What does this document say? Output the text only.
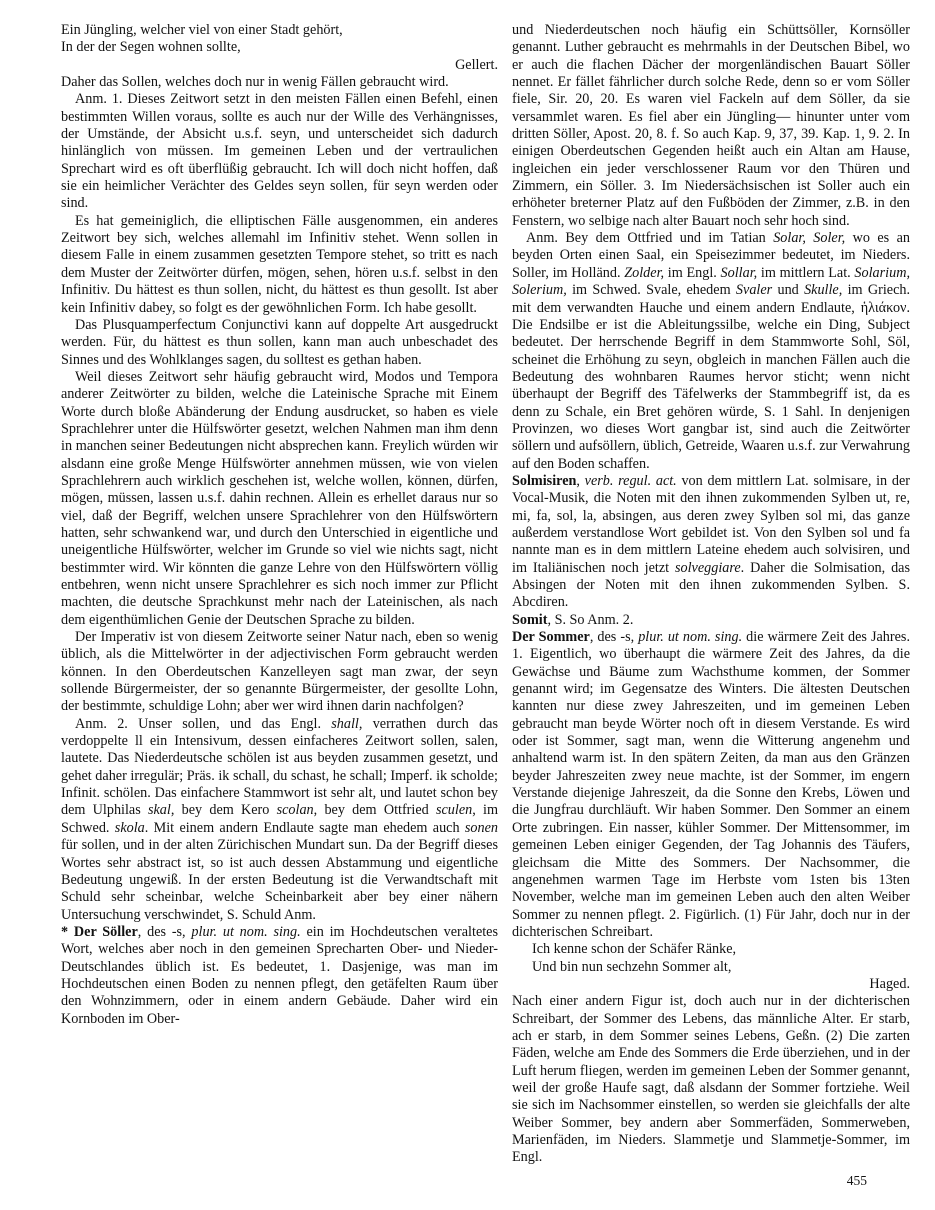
Ein Jüngling, welcher viel von einer Stadt gehört,

In der der Segen wohnen sollte,

Gellert.

Daher das Sollen, welches doch nur in wenig Fällen gebraucht wird.

Anm. 1. Dieses Zeitwort setzt in den meisten Fällen einen Befehl, einen bestimmten Willen voraus, sollte es auch nur der Wille des Verhängnisses, der Umstände, der Absicht u.s.f. seyn, und unterscheidet sich dadurch hinlänglich von müssen. Im gemeinen Leben und der vertraulichen Sprechart wird es oft überflüßig gebraucht. Ich will doch nicht hoffen, daß sie ein heimlicher Verächter des Geldes seyn sollen, für seyn werden oder sind.

Es hat gemeiniglich, die elliptischen Fälle ausgenommen, ein anderes Zeitwort bey sich, welches allemahl im Infinitiv stehet. Wenn sollen in diesem Falle in einem zusammen gesetzten Tempore stehet, so tritt es nach dem Muster der Zeitwörter dürfen, mögen, sehen, hören u.s.f. selbst in den Infinitiv. Du hättest es thun sollen, nicht, du hättest es thun gesollt. Ist aber kein Infinitiv dabey, so folgt es der gewöhnlichen Form. Ich habe gesollt.

Das Plusquamperfectum Conjunctivi kann auf doppelte Art ausgedruckt werden. Für, du hättest es thun sollen, kann man auch unbeschadet des Sinnes und des Wohlklanges sagen, du solltest es gethan haben.

Weil dieses Zeitwort sehr häufig gebraucht wird, Modos und Tempora anderer Zeitwörter zu bilden, welche die Lateinische Sprache mit Einem Worte durch bloße Abänderung der Endung ausdrucket, so haben es viele Sprachlehrer unter die Hülfswörter gesetzt, welchen Nahmen man ihm denn in manchen seiner Bedeutungen nicht absprechen kann. Freylich würden wir alsdann eine große Menge Hülfswörter annehmen müssen, wie von vielen Sprachlehrern auch wirklich geschehen ist, welche wollen, können, dürfen, mögen, müssen, lassen u.s.f. dahin rechnen. Allein es erhellet daraus nur so viel, daß der Begriff, welchen unsere Sprachlehrer von den Hülfswörtern hatten, sehr schwankend war, und durch den Unterschied in eigentliche und uneigentliche Hülfswörter, welcher im Grunde so viel wie nichts sagt, nicht bestimmter wird. Wir könnten die ganze Lehre von den Hülfswörtern völlig entbehren, wenn nicht unsere Sprachlehrer es sich noch immer zur Pflicht machten, die deutsche Sprachkunst mehr nach der Lateinischen, als nach dem eigenthümlichen Genie der Deutschen Sprache zu bilden.

Der Imperativ ist von diesem Zeitworte seiner Natur nach, eben so wenig üblich, als die Mittelwörter in der adjectivischen Form gebraucht werden können. In den Oberdeutschen Kanzelleyen sagt man zwar, der seyn sollende Bürgermeister, der so genannte Bürgermeister, der gesollte Lohn, der bestimmte, schuldige Lohn; aber wer wird ihnen darin nachfolgen?

Anm. 2. Unser sollen, und das Engl. shall, verrathen durch das verdoppelte ll ein Intensivum, dessen einfacheres Zeitwort sollen, salen, lautete. Das Niederdeutsche schölen ist aus beyden zusammen gesetzt, und gehet daher irregulär; Präs. ik schall, du schast, he schall; Imperf. ik scholde; Infinit. schölen. Das einfachere Stammwort ist sehr alt, und lautet schon bey dem Ulphilas skal, bey dem Kero scolan, bey dem Ottfried sculen, im Schwed. skola. Mit einem andern Endlaute sagte man ehedem auch sonen für sollen, und in der alten Zürichischen Mundart sun. Da der Begriff dieses Wortes sehr abstract ist, so ist auch dessen Abstammung und eigentliche Bedeutung ungewiß. In der ersten Bedeutung ist die Verwandtschaft mit Schuld sehr scheinbar, welche Scheinbarkeit aber bey einer nähern Untersuchung verschwindet, S. Schuld Anm.

* Der Söller, des -s, plur. ut nom. sing. ein im Hochdeutschen veraltetes Wort, welches aber noch in den gemeinen Sprecharten Ober- und Nieder-Deutschlandes üblich ist. Es bedeutet, 1. Dasjenige, was man im Hochdeutschen einen Boden zu nennen pflegt, den getäfelten Raum über den Wohnzimmern, oder in einem andern Gebäude. Daher wird ein Kornboden im Ober-

und Niederdeutschen noch häufig ein Schüttsöller, Kornsöller genannt. Luther gebraucht es mehrmahls in der Deutschen Bibel, wo er auch die flachen Dächer der morgenländischen Bauart Söller nennet. Er fället fährlicher durch solche Rede, denn so er vom Söller fiele, Sir. 20, 20. Es waren viel Fackeln auf dem Söller, da sie versammlet waren. Es fiel aber ein Jüngling— hinunter unter vom dritten Söller, Apost. 20, 8. f. So auch Kap. 9, 37, 39. Kap. 1, 9. 2. In einigen Oberdeutschen Gegenden heißt auch ein Altan am Hause, ingleichen ein jeder verschlossener Raum vor den Thüren und Zimmern, ein Söller. 3. Im Niedersächsischen ist Soller auch ein erhöheter breterner Platz auf den Fußböden der Zimmer, z.B. in den Fenstern, wo selbige nach alter Bauart noch sehr hoch sind.

Anm. Bey dem Ottfried und im Tatian Solar, Soler, wo es an beyden Orten einen Saal, ein Speisezimmer bedeutet, im Nieders. Soller, im Holländ. Zolder, im Engl. Sollar, im mittlern Lat. Solarium, Solerium, im Schwed. Svale, ehedem Svaler und Skulle, im Griech. mit dem verwandten Hauche und einem andern Endlaute, ἡλιάκον. Die Endsilbe er ist die Ableitungssilbe, welche ein Ding, Subject bedeutet. Der herrschende Begriff in dem Stammworte Sohl, Söl, scheinet die Erhöhung zu seyn, obgleich in manchen Fällen auch die Bedeutung des wohnbaren Raumes hervor sticht; wenn nicht überhaupt der Begriff des Täfelwerks der Stammbegriff ist, da es denn zu Schale, ein Bret gehören würde, S. 1 Sahl. In denjenigen Provinzen, wo dieses Wort gangbar ist, sind auch die Zeitwörter söllern und aufsöllern, üblich, Getreide, Waaren u.s.f. zur Verwahrung auf den Boden schaffen.

Solmisiren, verb. regul. act. von dem mittlern Lat. solmisare, in der Vocal-Musik, die Noten mit den ihnen zukommenden Sylben ut, re, mi, fa, sol, la, absingen, aus deren zwey Sylben sol mi, das ganze außerdem verstandlose Wort gebildet ist. Von den Sylben sol und fa nannte man es in dem mittlern Lateine ehedem auch solvisiren, und im Italiänischen noch jetzt solveggiare. Daher die Solmisation, das Absingen der Noten mit den ihnen zukommenden Sylben. S. Abcdiren.

Somit, S. So Anm. 2.

Der Sommer, des -s, plur. ut nom. sing. die wärmere Zeit des Jahres. 1. Eigentlich, wo überhaupt die wärmere Zeit des Jahres, da die Gewächse und Bäume zum Wachsthume kommen, der Sommer genannt wird; im Gegensatze des Winters. Die ältesten Deutschen kannten nur diese zwey Jahreszeiten, und im gemeinen Leben gebraucht man beyde Wörter noch oft in diesem Verstande. Es wird oder ist Sommer, sagt man, wenn die Witterung angenehm und anhaltend warm ist. In den spätern Zeiten, da man aus den Gränzen beyder Jahreszeiten zwey neue machte, ist der Sommer, im engern Verstande diejenige Jahreszeit, da die Sonne den Krebs, Löwen und die Jungfrau durchläuft. Wir haben Sommer. Den Sommer an einem Orte zubringen. Ein nasser, kühler Sommer. Der Mittensommer, im gemeinen Leben einiger Gegenden, der Tag Johannis des Täufers, gleichsam die Mitte des Sommers. Der Nachsommer, die angenehmen warmen Tage im Herbste vom 1sten bis 13ten November, welche man im gemeinen Leben auch den alten Weiber Sommer zu nennen pflegt. 2. Figürlich. (1) Für Jahr, doch nur in der dichterischen Schreibart.

Ich kenne schon der Schäfer Ränke,

Und bin nun sechzehn Sommer alt,

Haged.

Nach einer andern Figur ist, doch auch nur in der dichterischen Schreibart, der Sommer des Lebens, das männliche Alter. Er starb, ach er starb, in dem Sommer seines Lebens, Geßn. (2) Die zarten Fäden, welche am Ende des Sommers die Erde überziehen, und in der Luft herum fliegen, werden im gemeinen Leben der Sommer genannt, weil der große Haufe sagt, daß alsdann der Sommer fortziehe. Weil sie sich im Nachsommer einstellen, so werden sie gleichfalls der alte Weiber Sommer, bey andern aber Sommerfäden, Sommerweben, Marienfäden, im Nieders. Slammetje und Slammetje-Sommer, im Engl.

455
